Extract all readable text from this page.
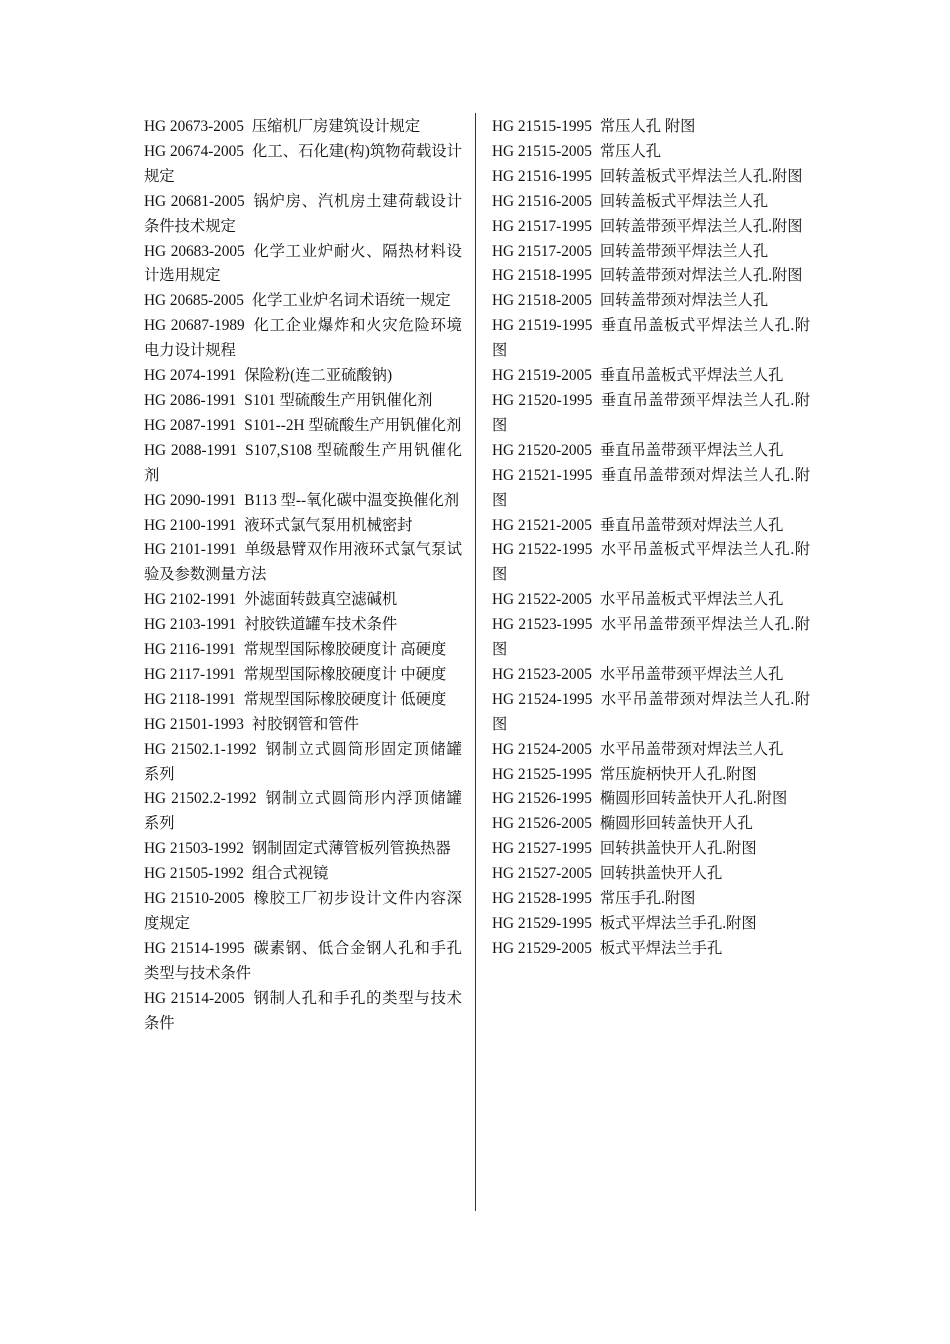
HG 20673-2005 压缩机厂房建筑设计规定
HG 20674-2005 化工、石化建(构)筑物荷载设计规定
HG 20681-2005 锅炉房、汽机房土建荷载设计条件技术规定
HG 20683-2005 化学工业炉耐火、隔热材料设计选用规定
HG 20685-2005 化学工业炉名词术语统一规定
HG 20687-1989 化工企业爆炸和火灾危险环境电力设计规程
HG 2074-1991 保险粉(连二亚硫酸钠)
HG 2086-1991 S101 型硫酸生产用钒催化剂
HG 2087-1991 S101--2H 型硫酸生产用钒催化剂
HG 2088-1991 S107,S108 型硫酸生产用钒催化剂
HG 2090-1991 B113 型--氧化碳中温变换催化剂
HG 2100-1991 液环式氯气泵用机械密封
HG 2101-1991 单级悬臂双作用液环式氯气泵试验及参数测量方法
HG 2102-1991 外滤面转鼓真空滤碱机
HG 2103-1991 衬胶铁道罐车技术条件
HG 2116-1991 常规型国际橡胶硬度计 高硬度
HG 2117-1991 常规型国际橡胶硬度计 中硬度
HG 2118-1991 常规型国际橡胶硬度计 低硬度
HG 21501-1993 衬胶钢管和管件
HG 21502.1-1992 钢制立式圆筒形固定顶储罐系列
HG 21502.2-1992 钢制立式圆筒形内浮顶储罐系列
HG 21503-1992 钢制固定式薄管板列管换热器
HG 21505-1992 组合式视镜
HG 21510-2005 橡胶工厂初步设计文件内容深度规定
HG 21514-1995 碳素钢、低合金钢人孔和手孔类型与技术条件
HG 21514-2005 钢制人孔和手孔的类型与技术条件
HG 21515-1995 常压人孔 附图
HG 21515-2005 常压人孔
HG 21516-1995 回转盖板式平焊法兰人孔.附图
HG 21516-2005 回转盖板式平焊法兰人孔
HG 21517-1995 回转盖带颈平焊法兰人孔.附图
HG 21517-2005 回转盖带颈平焊法兰人孔
HG 21518-1995 回转盖带颈对焊法兰人孔.附图
HG 21518-2005 回转盖带颈对焊法兰人孔
HG 21519-1995 垂直吊盖板式平焊法兰人孔.附图
HG 21519-2005 垂直吊盖板式平焊法兰人孔
HG 21520-1995 垂直吊盖带颈平焊法兰人孔.附图
HG 21520-2005 垂直吊盖带颈平焊法兰人孔
HG 21521-1995 垂直吊盖带颈对焊法兰人孔.附图
HG 21521-2005 垂直吊盖带颈对焊法兰人孔
HG 21522-1995 水平吊盖板式平焊法兰人孔.附图
HG 21522-2005 水平吊盖板式平焊法兰人孔
HG 21523-1995 水平吊盖带颈平焊法兰人孔.附图
HG 21523-2005 水平吊盖带颈平焊法兰人孔
HG 21524-1995 水平吊盖带颈对焊法兰人孔.附图
HG 21524-2005 水平吊盖带颈对焊法兰人孔
HG 21525-1995 常压旋柄快开人孔.附图
HG 21526-1995 椭圆形回转盖快开人孔.附图
HG 21526-2005 椭圆形回转盖快开人孔
HG 21527-1995 回转拱盖快开人孔.附图
HG 21527-2005 回转拱盖快开人孔
HG 21528-1995 常压手孔.附图
HG 21529-1995 板式平焊法兰手孔.附图
HG 21529-2005 板式平焊法兰手孔
